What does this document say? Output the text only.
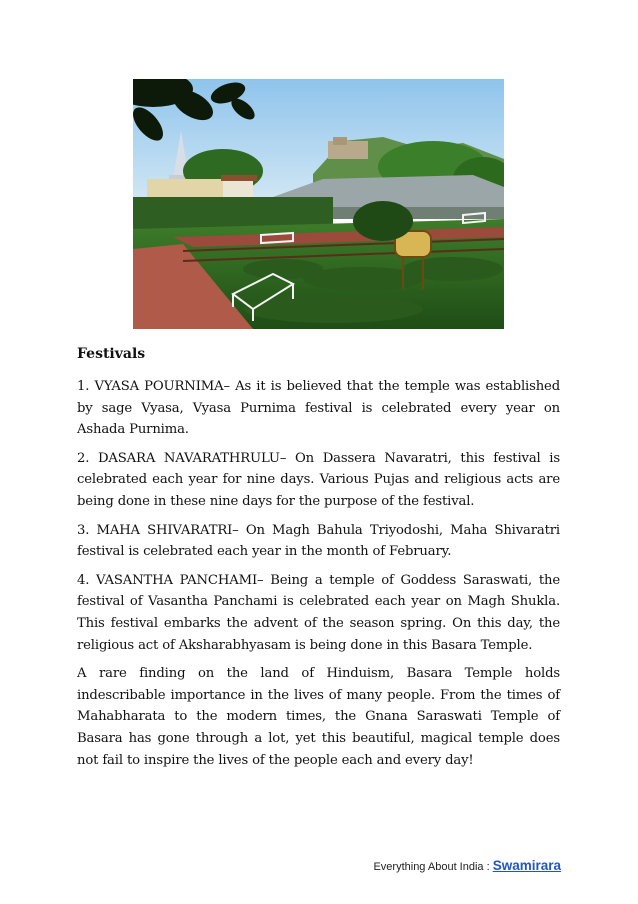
Festivals

1. VYASA POURNIMA– As it is believed that the temple was established by sage Vyasa, Vyasa Purnima festival is celebrated every year on Ashada Purnima.

2. DASARA NAVARATHRULU– On Dassera Navaratri, this festival is celebrated each year for nine days. Various Pujas and religious acts are being done in these nine days for the purpose of the festival.

3. MAHA SHIVARATRI– On Magh Bahula Triyodoshi, Maha Shivaratri festival is celebrated each year in the month of February.

4. VASANTHA PANCHAMI– Being a temple of Goddess Saraswati, the festival of Vasantha Panchami is celebrated each year on Magh Shukla. This festival embarks the advent of the season spring. On this day, the religious act of Aksharabhyasam is being done in this Basara Temple.

A rare finding on the land of Hinduism, Basara Temple holds indescribable importance in the lives of many people. From the times of Mahabharata to the modern times, the Gnana Saraswati Temple of Basara has gone through a lot, yet this beautiful, magical temple does not fail to inspire the lives of the people each and every day!

Everything About India : Swamirara
